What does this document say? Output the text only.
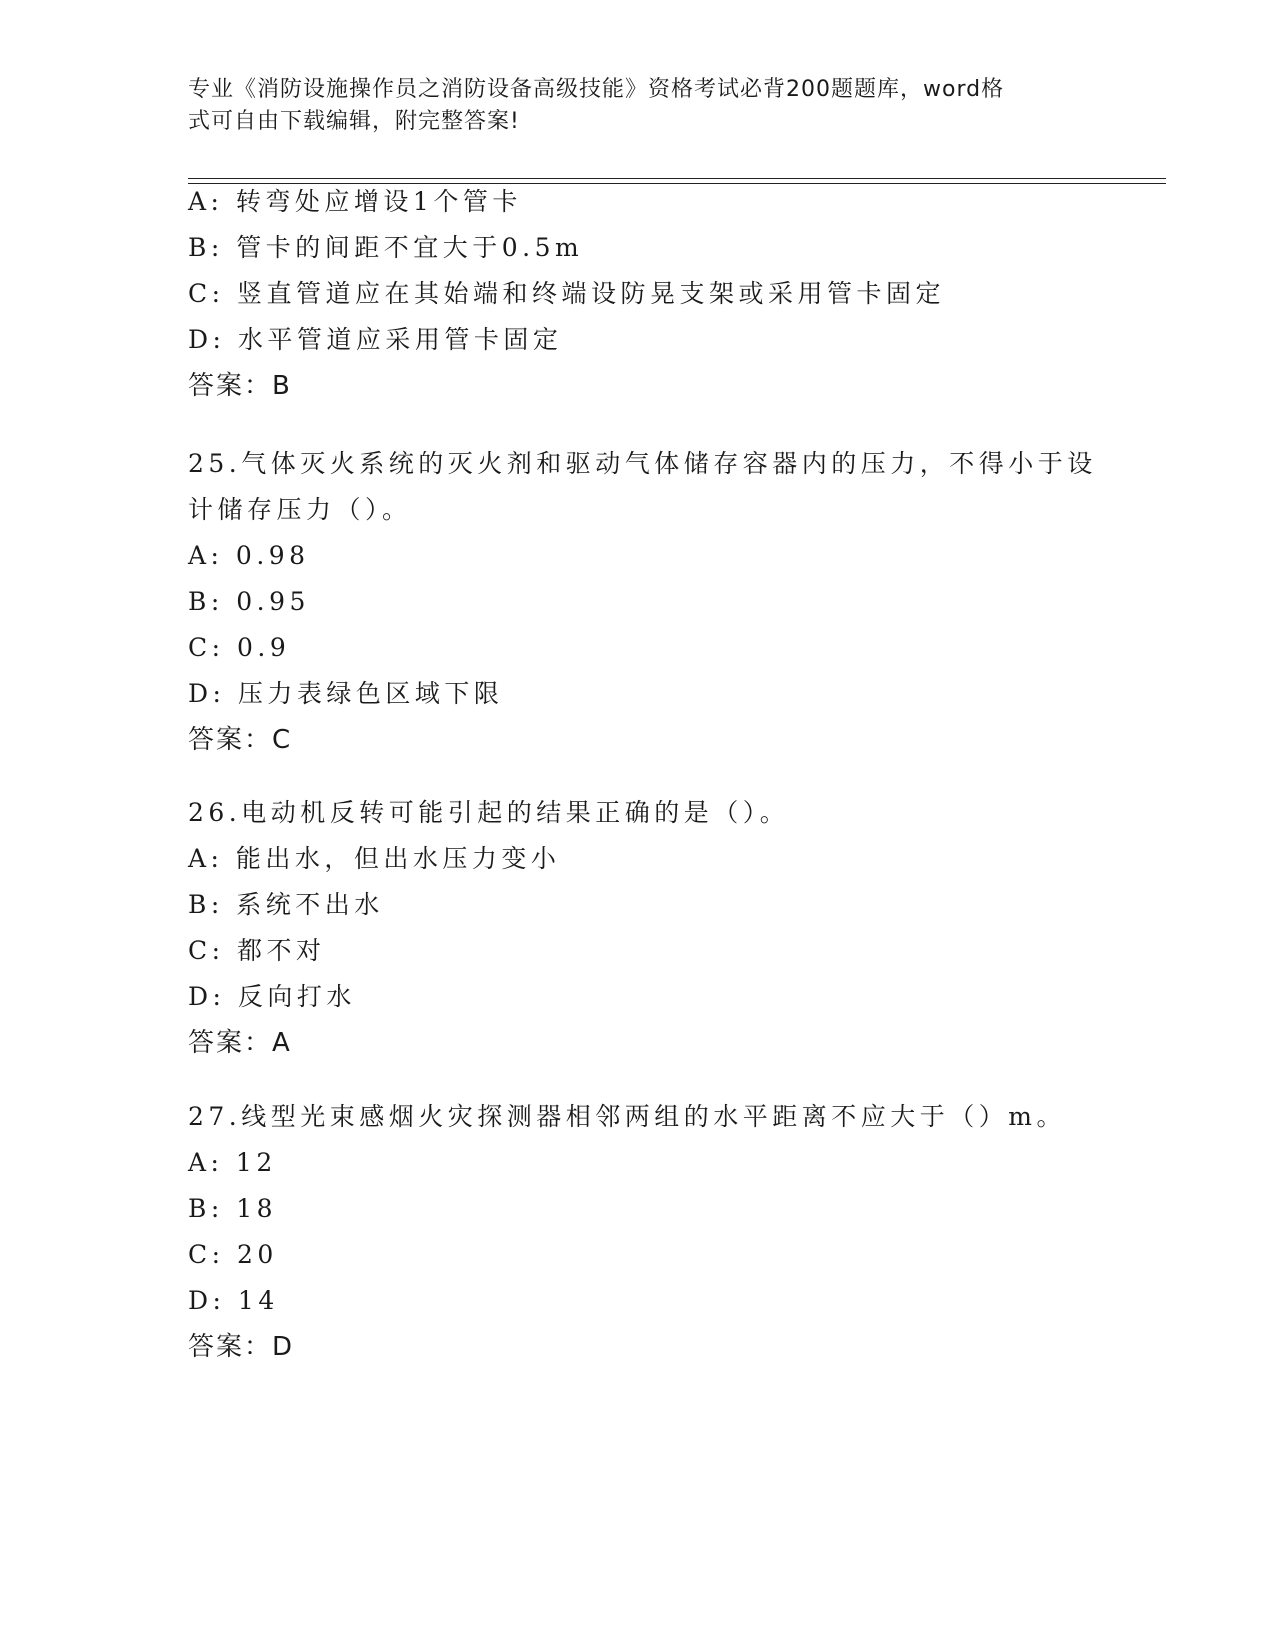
专业《消防设施操作员之消防设备高级技能》资格考试必背200题题库，word格
式可自由下载编辑，附完整答案!
A: 转弯处应增设1个管卡
B: 管卡的间距不宜大于0.5m
C: 竖直管道应在其始端和终端设防晃支架或采用管卡固定
D: 水平管道应采用管卡固定
答案：B
25.气体灭火系统的灭火剂和驱动气体储存容器内的压力，不得小于设
计储存压力（）。
A: 0.98
B: 0.95
C: 0.9
D: 压力表绿色区域下限
答案：C
26.电动机反转可能引起的结果正确的是（）。
A: 能出水，但出水压力变小
B: 系统不出水
C: 都不对
D: 反向打水
答案：A
27.线型光束感烟火灾探测器相邻两组的水平距离不应大于（）m。
A: 12
B: 18
C: 20
D: 14
答案：D
